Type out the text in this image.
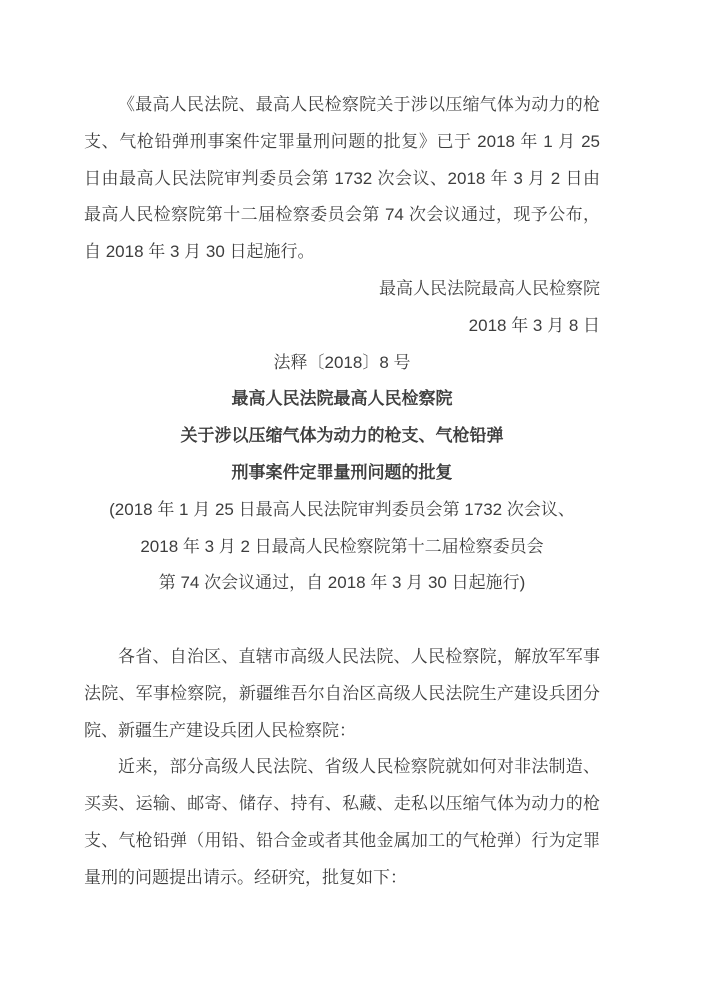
《最高人民法院、最高人民检察院关于涉以压缩气体为动力的枪支、气枪铅弹刑事案件定罪量刑问题的批复》已于 2018 年 1 月 25 日由最高人民法院审判委员会第 1732 次会议、2018 年 3 月 2 日由最高人民检察院第十二届检察委员会第 74 次会议通过，现予公布，自 2018 年 3 月 30 日起施行。

最高人民法院最高人民检察院

2018 年 3 月 8 日

法释〔2018〕8 号

最高人民法院最高人民检察院

关于涉以压缩气体为动力的枪支、气枪铅弹

刑事案件定罪量刑问题的批复

(2018 年 1 月 25 日最高人民法院审判委员会第 1732 次会议、

2018 年 3 月 2 日最高人民检察院第十二届检察委员会

第 74 次会议通过，自 2018 年 3 月 30 日起施行)

各省、自治区、直辖市高级人民法院、人民检察院，解放军军事法院、军事检察院，新疆维吾尔自治区高级人民法院生产建设兵团分院、新疆生产建设兵团人民检察院：

近来，部分高级人民法院、省级人民检察院就如何对非法制造、买卖、运输、邮寄、储存、持有、私藏、走私以压缩气体为动力的枪支、气枪铅弹（用铅、铅合金或者其他金属加工的气枪弹）行为定罪量刑的问题提出请示。经研究，批复如下：
